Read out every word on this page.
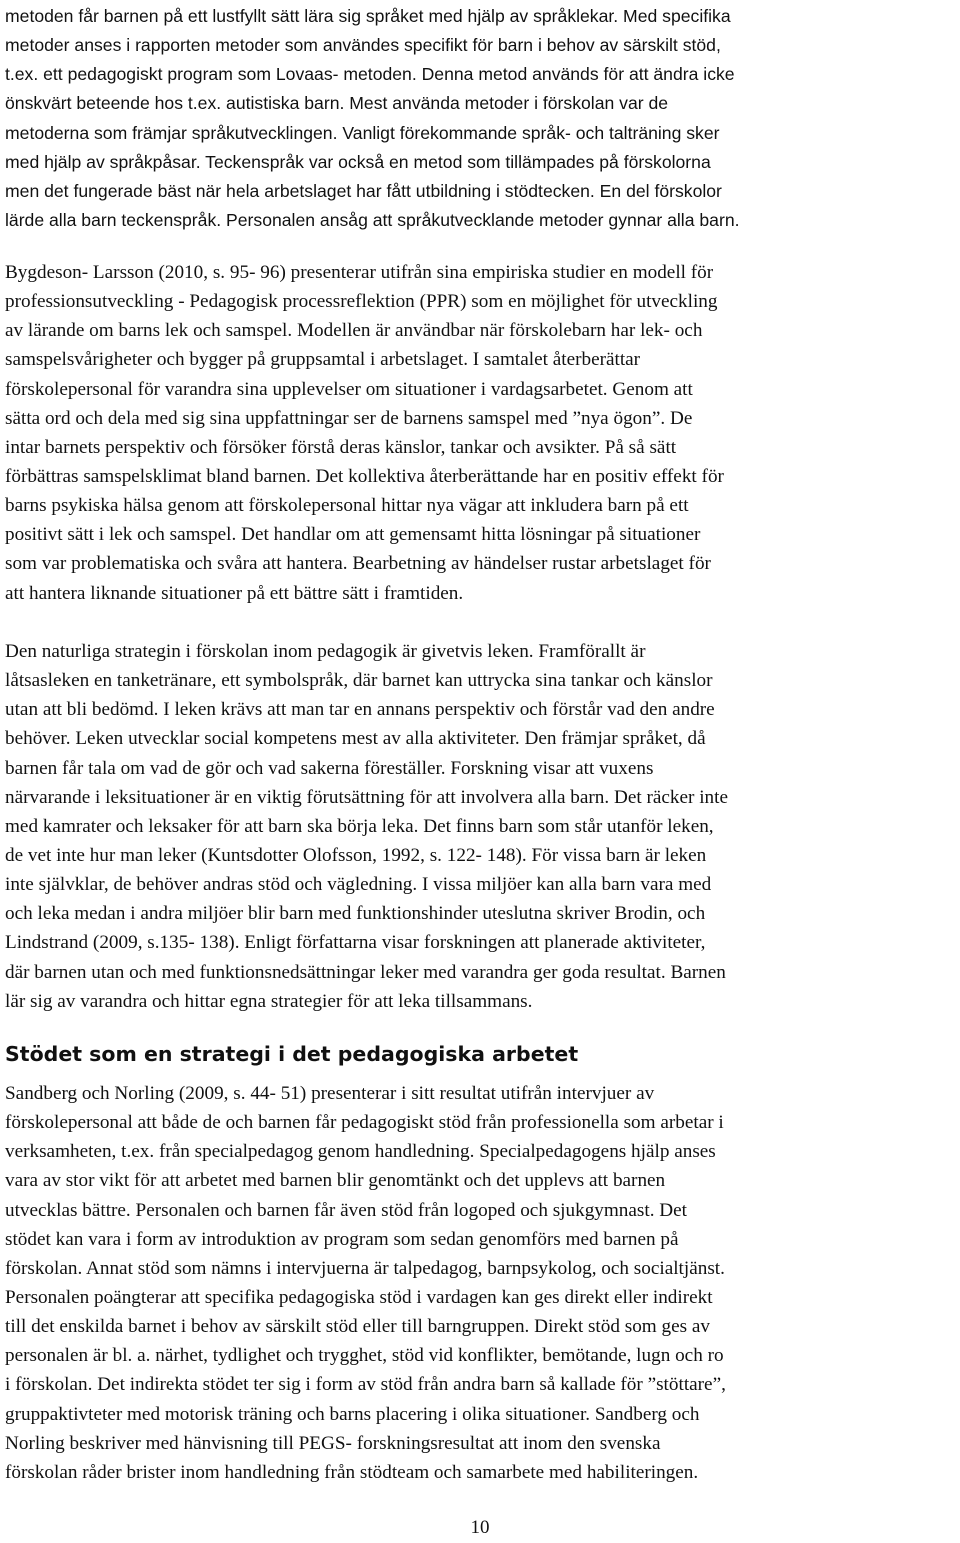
metoden får barnen på ett lustfyllt sätt lära sig språket med hjälp av språklekar. Med specifika
metoder anses i rapporten metoder som användes specifikt för barn i behov av särskilt stöd,
t.ex. ett pedagogiskt program som Lovaas- metoden. Denna metod används för att ändra icke
önskvärt beteende hos t.ex. autistiska barn. Mest använda metoder i förskolan var de
metoderna som främjar språkutvecklingen. Vanligt förekommande språk- och talträning sker
med hjälp av språkpåsar. Teckenspråk var också en metod som tillämpades på förskolorna
men det fungerade bäst när hela arbetslaget har fått utbildning i stödtecken. En del förskolor
lärde alla barn teckenspråk. Personalen ansåg att språkutvecklande metoder gynnar alla barn.
Bygdeson- Larsson (2010, s. 95- 96) presenterar utifrån sina empiriska studier en modell för
professionsutveckling - Pedagogisk processreflektion (PPR) som en möjlighet för utveckling
av lärande om barns lek och samspel. Modellen är användbar när förskolebarn har lek- och
samspelsvårigheter och bygger på gruppsamtal i arbetslaget. I samtalet återberättar
förskolepersonal för varandra sina upplevelser om situationer i vardagsarbetet. Genom att
sätta ord och dela med sig sina uppfattningar ser de barnens samspel med ”nya ögon”. De
intar barnets perspektiv och försöker förstå deras känslor, tankar och avsikter. På så sätt
förbättras samspelsklimat bland barnen. Det kollektiva återberättande har en positiv effekt för
barns psykiska hälsa genom att förskolepersonal hittar nya vägar att inkludera barn på ett
positivt sätt i lek och samspel. Det handlar om att gemensamt hitta lösningar på situationer
som var problematiska och svåra att hantera. Bearbetning av händelser rustar arbetslaget för
att hantera liknande situationer på ett bättre sätt i framtiden.
Den naturliga strategin i förskolan inom pedagogik är givetvis leken. Framförallt är
låtsasleken en tanketränare, ett symbolspråk, där barnet kan uttrycka sina tankar och känslor
utan att bli bedömd. I leken krävs att man tar en annans perspektiv och förstår vad den andre
behöver. Leken utvecklar social kompetens mest av alla aktiviteter. Den främjar språket, då
barnen får tala om vad de gör och vad sakerna föreställer. Forskning visar att vuxens
närvarande i leksituationer är en viktig förutsättning för att involvera alla barn. Det räcker inte
med kamrater och leksaker för att barn ska börja leka. Det finns barn som står utanför leken,
de vet inte hur man leker (Kuntsdotter Olofsson, 1992, s. 122- 148). För vissa barn är leken
inte självklar, de behöver andras stöd och vägledning. I vissa miljöer kan alla barn vara med
och leka medan i andra miljöer blir barn med funktionshinder uteslutna skriver Brodin, och
Lindstrand (2009, s.135- 138). Enligt författarna visar forskningen att planerade aktiviteter,
där barnen utan och med funktionsnedsättningar leker med varandra ger goda resultat. Barnen
lär sig av varandra och hittar egna strategier för att leka tillsammans.
Stödet som en strategi i det pedagogiska arbetet
Sandberg och Norling (2009, s. 44- 51) presenterar i sitt resultat utifrån intervjuer av
förskolepersonal att både de och barnen får pedagogiskt stöd från professionella som arbetar i
verksamheten, t.ex. från specialpedagog genom handledning. Specialpedagogens hjälp anses
vara av stor vikt för att arbetet med barnen blir genomtänkt och det upplevs att barnen
utvecklas bättre. Personalen och barnen får även stöd från logoped och sjukgymnast. Det
stödet kan vara i form av introduktion av program som sedan genomförs med barnen på
förskolan. Annat stöd som nämns i intervjuerna är talpedagog, barnpsykolog, och socialtjänst.
Personalen poängterar att specifika pedagogiska stöd i vardagen kan ges direkt eller indirekt
till det enskilda barnet i behov av särskilt stöd eller till barngruppen. Direkt stöd som ges av
personalen är bl. a. närhet, tydlighet och trygghet, stöd vid konflikter, bemötande, lugn och ro
i förskolan. Det indirekta stödet ter sig i form av stöd från andra barn så kallade för ”stöttare”,
gruppaktivteter med motorisk träning och barns placering i olika situationer. Sandberg och
Norling beskriver med hänvisning till PEGS- forskningsresultat att inom den svenska
förskolan råder brister inom handledning från stödteam och samarbete med habiliteringen.
10
